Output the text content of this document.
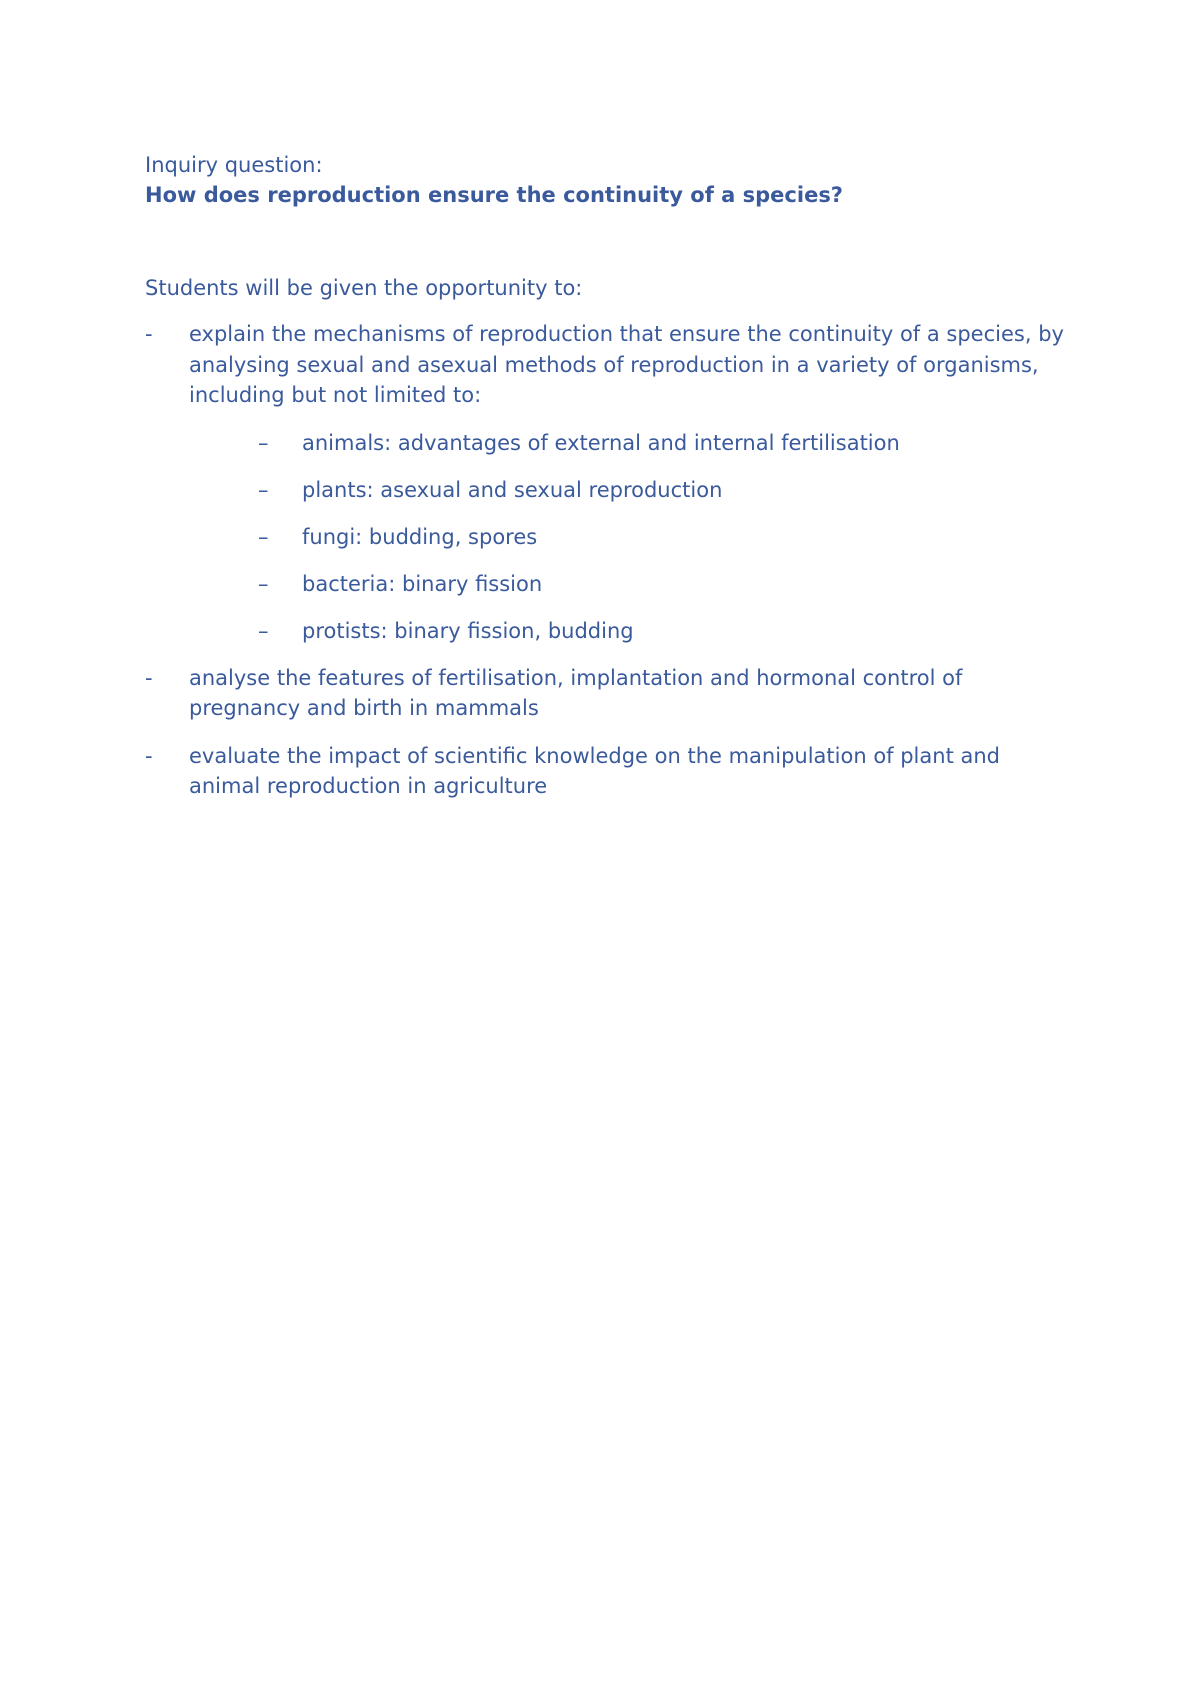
Inquiry question:

How does reproduction ensure the continuity of a species?

Students will be given the opportunity to:

- explain the mechanisms of reproduction that ensure the continuity of a species, by analysing sexual and asexual methods of reproduction in a variety of organisms, including but not limited to:
– animals: advantages of external and internal fertilisation
– plants: asexual and sexual reproduction
– fungi: budding, spores
– bacteria: binary fission
– protists: binary fission, budding
- analyse the features of fertilisation, implantation and hormonal control of pregnancy and birth in mammals
- evaluate the impact of scientific knowledge on the manipulation of plant and animal reproduction in agriculture
